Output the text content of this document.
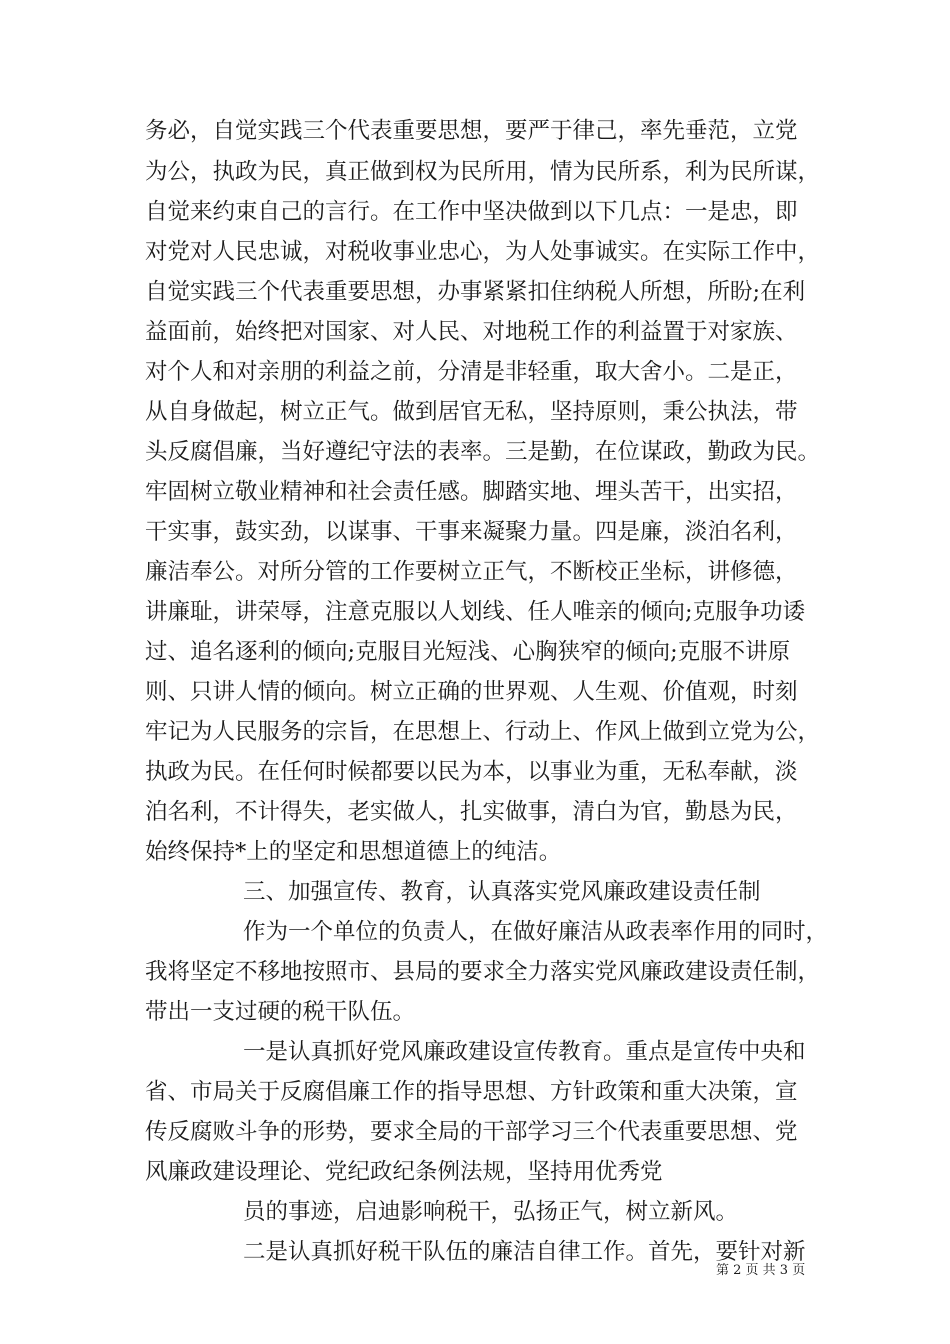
务必，自觉实践三个代表重要思想，要严于律己，率先垂范，立党
为公，执政为民，真正做到权为民所用，情为民所系，利为民所谋，
自觉来约束自己的言行。在工作中坚决做到以下几点：一是忠，即
对党对人民忠诚，对税收事业忠心，为人处事诚实。在实际工作中，
自觉实践三个代表重要思想，办事紧紧扣住纳税人所想，所盼;在利
益面前，始终把对国家、对人民、对地税工作的利益置于对家族、
对个人和对亲朋的利益之前，分清是非轻重，取大舍小。二是正，
从自身做起，树立正气。做到居官无私，坚持原则，秉公执法，带
头反腐倡廉，当好遵纪守法的表率。三是勤，在位谋政，勤政为民。
牢固树立敬业精神和社会责任感。脚踏实地、埋头苦干，出实招，
干实事，鼓实劲，以谋事、干事来凝聚力量。四是廉，淡泊名利，
廉洁奉公。对所分管的工作要树立正气，不断校正坐标，讲修德，
讲廉耻，讲荣辱，注意克服以人划线、任人唯亲的倾向;克服争功诿
过、追名逐利的倾向;克服目光短浅、心胸狭窄的倾向;克服不讲原
则、只讲人情的倾向。树立正确的世界观、人生观、价值观，时刻
牢记为人民服务的宗旨，在思想上、行动上、作风上做到立党为公，
执政为民。在任何时候都要以民为本，以事业为重，无私奉献，淡
泊名利，不计得失，老实做人，扎实做事，清白为官，勤恳为民，
始终保持*上的坚定和思想道德上的纯洁。
三、加强宣传、教育，认真落实党风廉政建设责任制
作为一个单位的负责人，在做好廉洁从政表率作用的同时，
我将坚定不移地按照市、县局的要求全力落实党风廉政建设责任制，
带出一支过硬的税干队伍。
一是认真抓好党风廉政建设宣传教育。重点是宣传中央和
省、市局关于反腐倡廉工作的指导思想、方针政策和重大决策，宣
传反腐败斗争的形势，要求全局的干部学习三个代表重要思想、党
风廉政建设理论、党纪政纪条例法规，坚持用优秀党
员的事迹，启迪影响税干，弘扬正气，树立新风。
二是认真抓好税干队伍的廉洁自律工作。首先，要针对新
第 2 页 共 3 页
